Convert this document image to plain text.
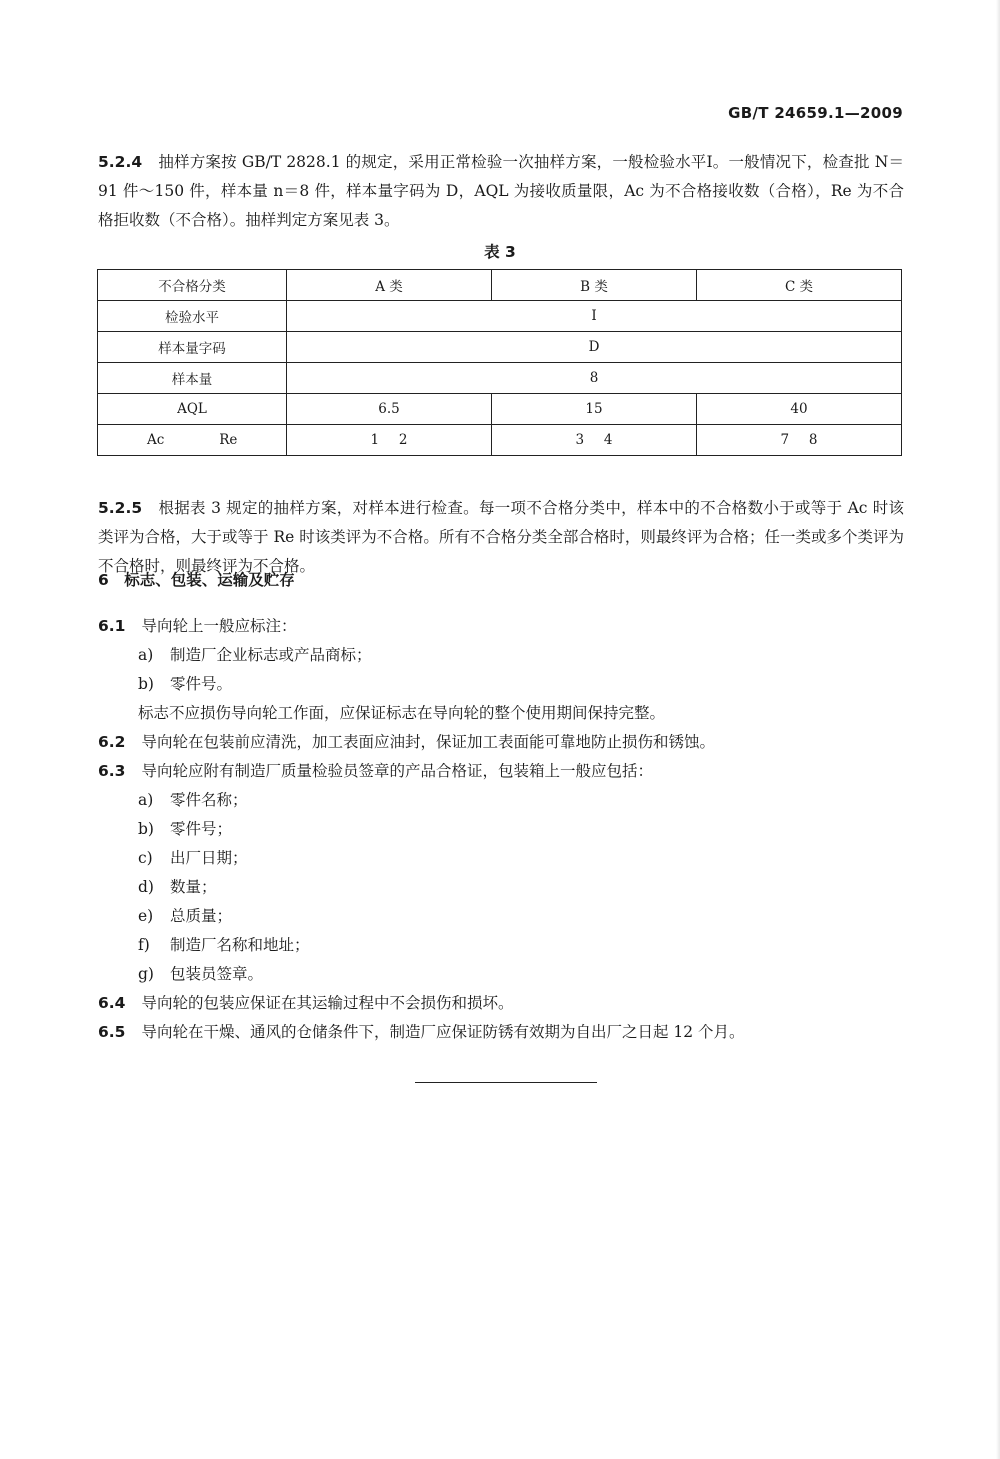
GB/T 24659.1—2009
5.2.4 抽样方案按 GB/T 2828.1 的规定，采用正常检验一次抽样方案，一般检验水平Ⅰ。一般情况下，检查批 N＝91 件～150 件，样本量 n＝8 件，样本量字码为 D，AQL 为接收质量限，Ac 为不合格接收数（合格），Re 为不合格拒收数（不合格）。抽样判定方案见表 3。
表 3
不合格分类	A 类	B 类	C 类
检验水平	Ⅰ		
样本量字码	D		
样本量	8		
AQL	6.5	15	40
Ac Re	1 2	3 4	7 8
5.2.5 根据表 3 规定的抽样方案，对样本进行检查。每一项不合格分类中，样本中的不合格数小于或等于 Ac 时该类评为合格，大于或等于 Re 时该类评为不合格。所有不合格分类全部合格时，则最终评为合格；任一类或多个类评为不合格时，则最终评为不合格。
6　标志、包装、运输及贮存
6.1 导向轮上一般应标注：
a) 制造厂企业标志或产品商标；
b) 零件号。
标志不应损伤导向轮工作面，应保证标志在导向轮的整个使用期间保持完整。
6.2 导向轮在包装前应清洗，加工表面应油封，保证加工表面能可靠地防止损伤和锈蚀。
6.3 导向轮应附有制造厂质量检验员签章的产品合格证，包装箱上一般应包括：
a) 零件名称；
b) 零件号；
c) 出厂日期；
d) 数量；
e) 总质量；
f) 制造厂名称和地址；
g) 包装员签章。
6.4 导向轮的包装应保证在其运输过程中不会损伤和损坏。
6.5 导向轮在干燥、通风的仓储条件下，制造厂应保证防锈有效期为自出厂之日起 12 个月。
